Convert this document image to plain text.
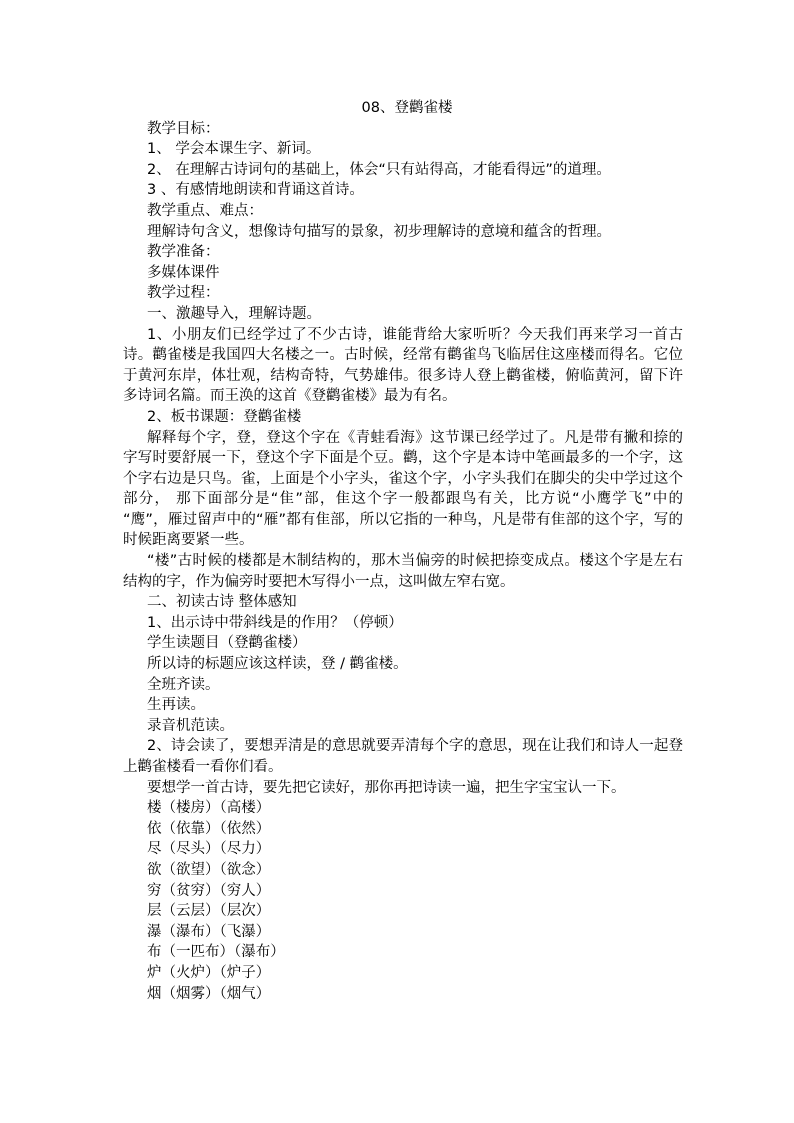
08、登鹳雀楼

教学目标：

1、 学会本课生字、新词。

2、 在理解古诗词句的基础上，体会“只有站得高，才能看得远”的道理。

3 、有感情地朗读和背诵这首诗。

教学重点、难点：

理解诗句含义，想像诗句描写的景象，初步理解诗的意境和蕴含的哲理。

教学准备：

多媒体课件

教学过程：

一、激趣导入，理解诗题。

1、小朋友们已经学过了不少古诗，谁能背给大家听听？今天我们再来学习一首古诗。鹳雀楼是我国四大名楼之一。古时候，经常有鹳雀鸟飞临居住这座楼而得名。它位于黄河东岸，体壮观，结构奇特，气势雄伟。很多诗人登上鹳雀楼，俯临黄河，留下许多诗词名篇。而王涣的这首《登鹳雀楼》最为有名。

2、板书课题：登鹳雀楼

解释每个字，登，登这个字在《青蛙看海》这节课已经学过了。凡是带有撇和捺的字写时要舒展一下，登这个字下面是个豆。鹳，这个字是本诗中笔画最多的一个字，这个字右边是只鸟。雀，上面是个小字头，雀这个字，小字头我们在脚尖的尖中学过这个部分， 那下面部分是“隹”部，隹这个字一般都跟鸟有关，比方说“小鹰学飞”中的 “鹰”，雁过留声中的“雁”都有隹部，所以它指的一种鸟，凡是带有隹部的这个字，写的时候距离要紧一些。

“楼”古时候的楼都是木制结构的，那木当偏旁的时候把捺变成点。楼这个字是左右结构的字，作为偏旁时要把木写得小一点，这叫做左窄右宽。

二、初读古诗 整体感知

1、出示诗中带斜线是的作用？（停顿）

学生读题目（登鹳雀楼）

所以诗的标题应该这样读，登 / 鹳雀楼。

全班齐读。

生再读。

录音机范读。

2、诗会读了，要想弄清是的意思就要弄清每个字的意思，现在让我们和诗人一起登上鹳雀楼看一看你们看。

要想学一首古诗，要先把它读好，那你再把诗读一遍，把生字宝宝认一下。

楼（楼房）（高楼）

依（依靠）（依然）

尽（尽头）（尽力）

欲（欲望）（欲念）

穷（贫穷）（穷人）

层（云层）（层次）

瀑（瀑布）（飞瀑）

布（一匹布）（瀑布）

炉（火炉）（炉子）

烟（烟雾）（烟气）
